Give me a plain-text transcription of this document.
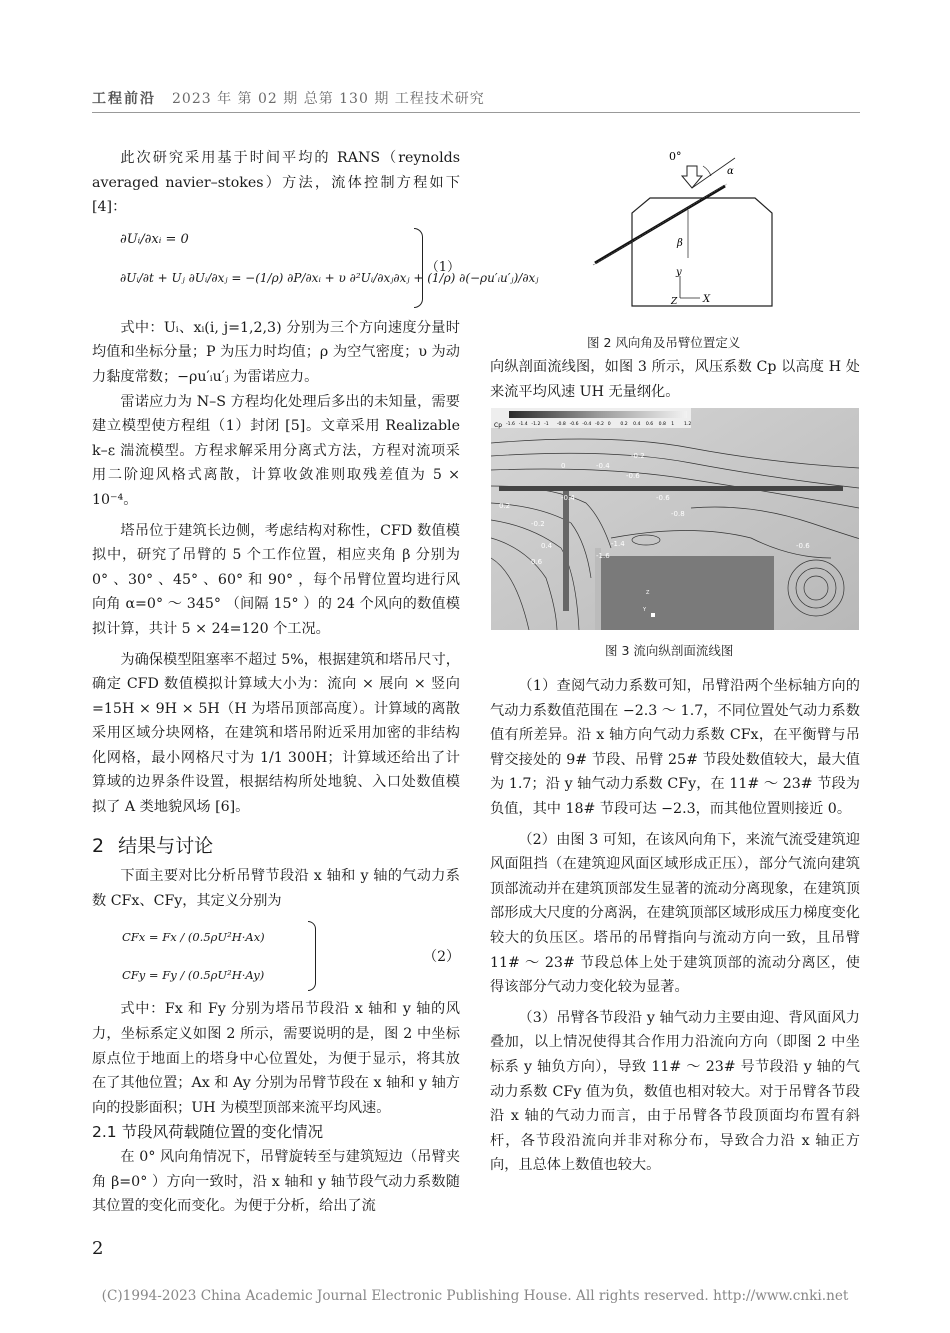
工程前沿 2023 年 第 02 期 总第 130 期 工程技术研究

此次研究采用基于时间平均的 RANS（reynolds averaged navier–stokes）方法，流体控制方程如下 [4]：

∂Uᵢ/∂xᵢ = 0
∂Uᵢ/∂t + Uⱼ ∂Uᵢ/∂xⱼ = −(1/ρ) ∂P/∂xᵢ + υ ∂²Uᵢ/∂xⱼ∂xⱼ + (1/ρ) ∂(−ρu′ᵢu′ⱼ)/∂xⱼ
（1）

式中：Uᵢ、xᵢ(i, j=1,2,3) 分别为三个方向速度分量时均值和坐标分量；P 为压力时均值；ρ 为空气密度；υ 为动力黏度常数；−ρu′ᵢu′ⱼ 为雷诺应力。

雷诺应力为 N–S 方程均化处理后多出的未知量，需要建立模型使方程组（1）封闭 [5]。文章采用 Realizable k–ε 湍流模型。方程求解采用分离式方法，方程对流项采用二阶迎风格式离散，计算收敛准则取残差值为 5 × 10⁻⁴。

塔吊位于建筑长边侧，考虑结构对称性，CFD 数值模拟中，研究了吊臂的 5 个工作位置，相应夹角 β 分别为 0° 、30° 、45° 、60° 和 90° ，每个吊臂位置均进行风向角 α=0° ～ 345° （间隔 15° ）的 24 个风向的数值模拟计算，共计 5 × 24=120 个工况。

为确保模型阻塞率不超过 5%，根据建筑和塔吊尺寸，确定 CFD 数值模拟计算域大小为：流向 × 展向 × 竖向 =15H × 9H × 5H（H 为塔吊顶部高度）。计算域的离散采用区域分块网格，在建筑和塔吊附近采用加密的非结构化网格，最小网格尺寸为 1/1 300H；计算域还给出了计算域的边界条件设置，根据结构所处地貌、入口处数值模拟了 A 类地貌风场 [6]。

2 结果与讨论

下面主要对比分析吊臂节段沿 x 轴和 y 轴的气动力系数 CFx、CFy，其定义分别为

CFx = Fx / (0.5ρU²H·Ax)
CFy = Fy / (0.5ρU²H·Ay)
（2）

式中：Fx 和 Fy 分别为塔吊节段沿 x 轴和 y 轴的风力，坐标系定义如图 2 所示，需要说明的是，图 2 中坐标原点位于地面上的塔身中心位置处，为便于显示，将其放在了其他位置；Ax 和 Ay 分别为吊臂节段在 x 轴和 y 轴方向的投影面积；UH 为模型顶部来流平均风速。

2.1 节段风荷载随位置的变化情况

在 0° 风向角情况下，吊臂旋转至与建筑短边（吊臂夹角 β=0° ）方向一致时，沿 x 轴和 y 轴节段气动力系数随其位置的变化而变化。为便于分析，给出了流

0°
α
β
y
Z	X
图 2 风向角及吊臂位置定义

向纵剖面流线图，如图 3 所示，风压系数 Cp 以高度 H 处来流平均风速 UH 无量纲化。

Cp -1.6 -1.4 -1.2 -1 -0.8 -0.6 -0.4 -0.2 0 0.2 0.4 0.6 0.8 1 1.2
Z
Y
-0.2
-0.4
-0.6
-0.4	-0.6
-0.8
-1.4
-1.6
-0.6
0.2
0.4
0.6
-0.2
0
图 3 流向纵剖面流线图

（1）查阅气动力系数可知，吊臂沿两个坐标轴方向的气动力系数值范围在 −2.3 ～ 1.7，不同位置处气动力系数值有所差异。沿 x 轴方向气动力系数 CFx，在平衡臂与吊臂交接处的 9# 节段、吊臂 25# 节段处数值较大，最大值为 1.7；沿 y 轴气动力系数 CFy，在 11# ～ 23# 节段为负值，其中 18# 节段可达 −2.3，而其他位置则接近 0。

（2）由图 3 可知，在该风向角下，来流气流受建筑迎风面阻挡（在建筑迎风面区域形成正压），部分气流向建筑顶部流动并在建筑顶部发生显著的流动分离现象，在建筑顶部形成大尺度的分离涡，在建筑顶部区域形成压力梯度变化较大的负压区。塔吊的吊臂指向与流动方向一致，且吊臂 11# ～ 23# 节段总体上处于建筑顶部的流动分离区，使得该部分气动力变化较为显著。

（3）吊臂各节段沿 y 轴气动力主要由迎、背风面风力叠加，以上情况使得其合作用力沿流向方向（即图 2 中坐标系 y 轴负方向），导致 11# ～ 23# 号节段沿 y 轴的气动力系数 CFy 值为负，数值也相对较大。对于吊臂各节段沿 x 轴的气动力而言，由于吊臂各节段顶面均布置有斜杆，各节段沿流向并非对称分布，导致合力沿 x 轴正方向，且总体上数值也较大。

2
(C)1994-2023 China Academic Journal Electronic Publishing House. All rights reserved. http://www.cnki.net
